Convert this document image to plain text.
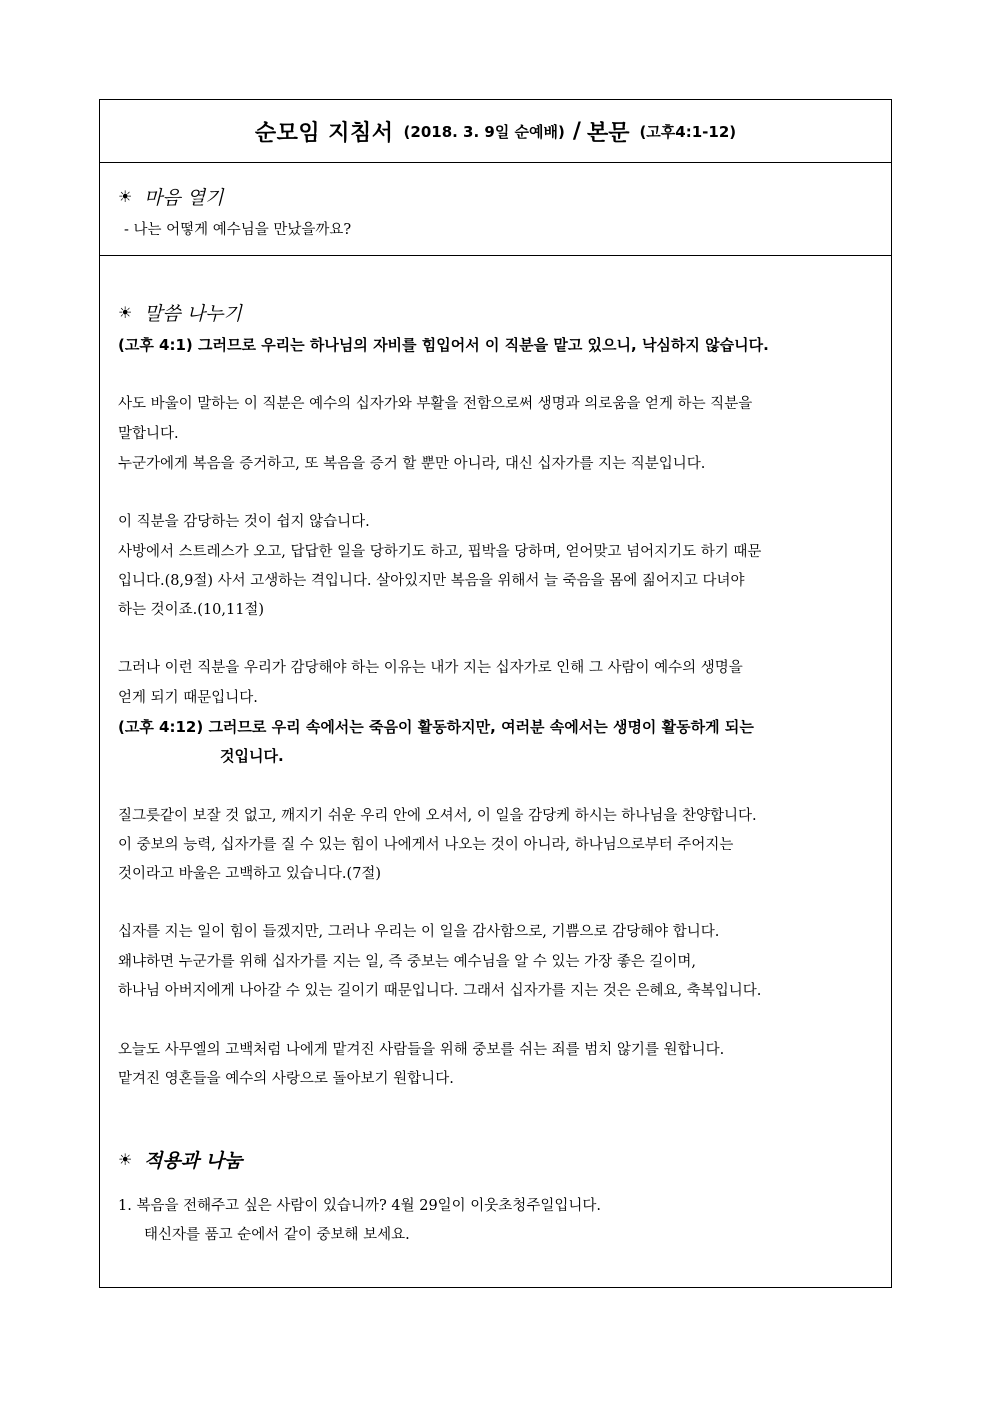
순모임 지침서 (2018. 3. 9일 순예배) / 본문 (고후4:1-12)
☀ 마음 열기
- 나는 어떻게 예수님을 만났을까요?
☀ 말씀 나누기
(고후 4:1) 그러므로 우리는 하나님의 자비를 힘입어서 이 직분을 맡고 있으니, 낙심하지 않습니다.
사도 바울이 말하는 이 직분은 예수의 십자가와 부활을 전함으로써 생명과 의로움을 얻게 하는 직분을
말합니다.
누군가에게 복음을 증거하고, 또 복음을 증거 할 뿐만 아니라, 대신 십자가를 지는 직분입니다.
이 직분을 감당하는 것이 쉽지 않습니다.
사방에서 스트레스가 오고, 답답한 일을 당하기도 하고, 핍박을 당하며, 얻어맞고 넘어지기도 하기 때문
입니다.(8,9절) 사서 고생하는 격입니다. 살아있지만 복음을 위해서 늘 죽음을 몸에 짊어지고 다녀야
하는 것이죠.(10,11절)
그러나 이런 직분을 우리가 감당해야 하는 이유는 내가 지는 십자가로 인해 그 사람이 예수의 생명을
얻게 되기 때문입니다.
(고후 4:12) 그러므로 우리 속에서는 죽음이 활동하지만, 여러분 속에서는 생명이 활동하게 되는
것입니다.
질그릇같이 보잘 것 없고, 깨지기 쉬운 우리 안에 오셔서, 이 일을 감당케 하시는 하나님을 찬양합니다.
이 중보의 능력, 십자가를 질 수 있는 힘이 나에게서 나오는 것이 아니라, 하나님으로부터 주어지는
것이라고 바울은 고백하고 있습니다.(7절)
십자를 지는 일이 힘이 들겠지만, 그러나 우리는 이 일을 감사함으로, 기쁨으로 감당해야 합니다.
왜냐하면 누군가를 위해 십자가를 지는 일, 즉 중보는 예수님을 알 수 있는 가장 좋은 길이며,
하나님 아버지에게 나아갈 수 있는 길이기 때문입니다. 그래서 십자가를 지는 것은 은혜요, 축복입니다.
오늘도 사무엘의 고백처럼 나에게 맡겨진 사람들을 위해 중보를 쉬는 죄를 범치 않기를 원합니다.
맡겨진 영혼들을 예수의 사랑으로 돌아보기 원합니다.
☀ 적용과 나눔
1. 복음을 전해주고 싶은 사람이 있습니까? 4월 29일이 이웃초청주일입니다.
태신자를 품고 순에서 같이 중보해 보세요.
